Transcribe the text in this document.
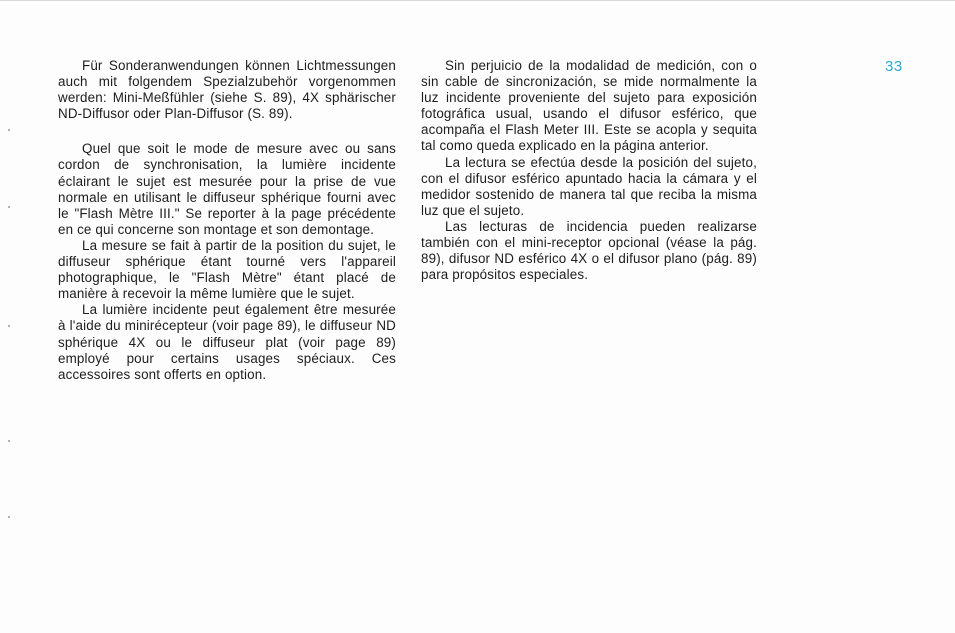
Für Sonderanwendungen können Lichtmessungen auch mit folgendem Spezialzubehör vorgenommen werden: Mini-Meßfühler (siehe S. 89), 4X sphärischer ND-Diffusor oder Plan-Diffusor (S. 89).

Quel que soit le mode de mesure avec ou sans cordon de synchronisation, la lumière incidente éclairant le sujet est mesurée pour la prise de vue normale en utilisant le diffuseur sphérique fourni avec le "Flash Mètre III." Se reporter à la page précédente en ce qui concerne son montage et son demontage.

La mesure se fait à partir de la position du sujet, le diffuseur sphérique étant tourné vers l'appareil photographique, le "Flash Mètre" étant placé de manière à recevoir la même lumière que le sujet.

La lumière incidente peut également être mesurée à l'aide du minirécepteur (voir page 89), le diffuseur ND sphérique 4X ou le diffuseur plat (voir page 89) employé pour certains usages spéciaux. Ces accessoires sont offerts en option.

Sin perjuicio de la modalidad de medición, con o sin cable de sincronización, se mide normalmente la luz incidente proveniente del sujeto para exposición fotográfica usual, usando el difusor esférico, que acompaña el Flash Meter III. Este se acopla y sequita tal como queda explicado en la página anterior.

La lectura se efectúa desde la posición del sujeto, con el difusor esférico apuntado hacia la cámara y el medidor sostenido de manera tal que reciba la misma luz que el sujeto.

Las lecturas de incidencia pueden realizarse también con el mini-receptor opcional (véase la pág. 89), difusor ND esférico 4X o el difusor plano (pág. 89) para propósitos especiales.

33
